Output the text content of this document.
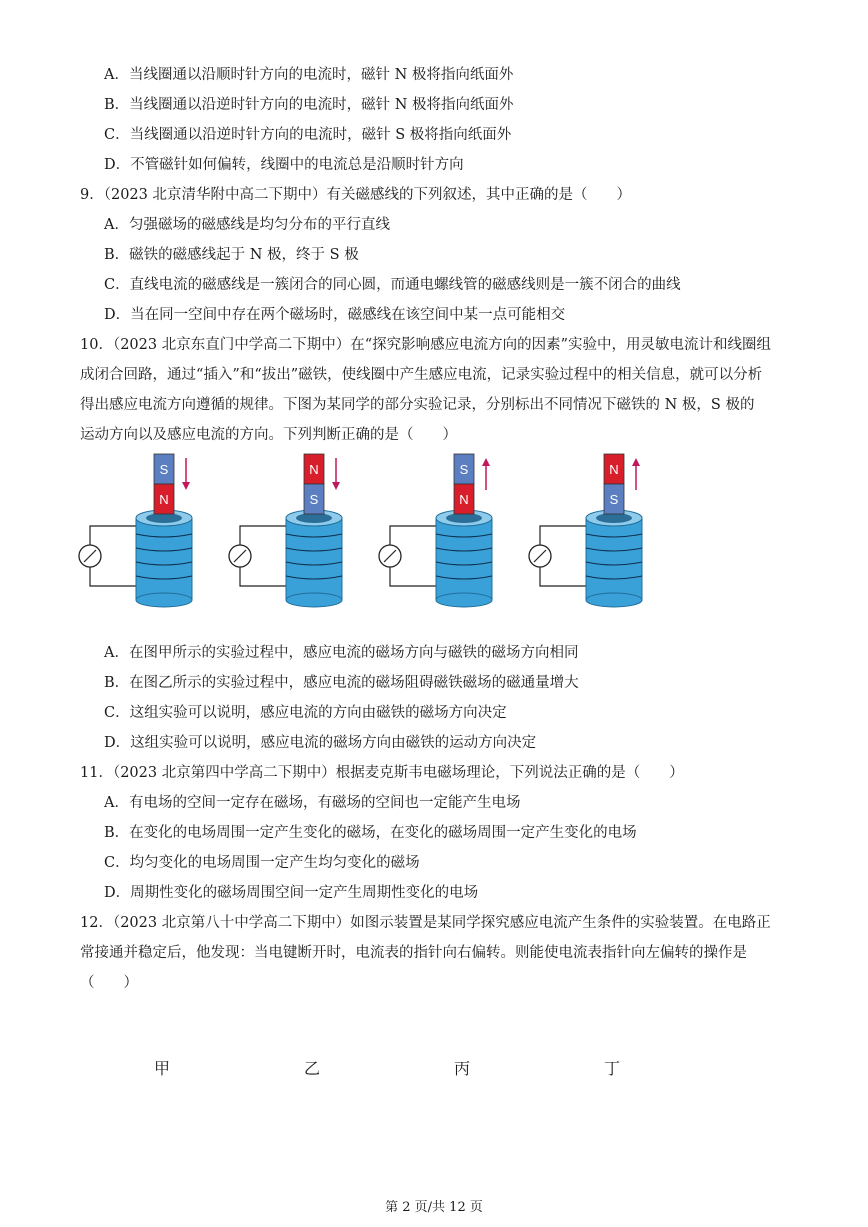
A．当线圈通以沿顺时针方向的电流时，磁针 N 极将指向纸面外
B．当线圈通以沿逆时针方向的电流时，磁针 N 极将指向纸面外
C．当线圈通以沿逆时针方向的电流时，磁针 S 极将指向纸面外
D．不管磁针如何偏转，线圈中的电流总是沿顺时针方向
9．（2023 北京清华附中高二下期中）有关磁感线的下列叙述，其中正确的是（　　）
A．匀强磁场的磁感线是均匀分布的平行直线
B．磁铁的磁感线起于 N 极，终于 S 极
C．直线电流的磁感线是一簇闭合的同心圆，而通电螺线管的磁感线则是一簇不闭合的曲线
D．当在同一空间中存在两个磁场时，磁感线在该空间中某一点可能相交
10．（2023 北京东直门中学高二下期中）在“探究影响感应电流方向的因素”实验中，用灵敏电流计和线圈组
成闭合回路，通过“插入”和“拔出”磁铁，使线圈中产生感应电流，记录实验过程中的相关信息，就可以分析
得出感应电流方向遵循的规律。下图为某同学的部分实验记录，分别标出不同情况下磁铁的 N 极，S 极的
运动方向以及感应电流的方向。下列判断正确的是（　　）
S
N
N
S
S
N
N
S
甲	乙	丙	丁
A．在图甲所示的实验过程中，感应电流的磁场方向与磁铁的磁场方向相同
B．在图乙所示的实验过程中，感应电流的磁场阻碍磁铁磁场的磁通量增大
C．这组实验可以说明，感应电流的方向由磁铁的磁场方向决定
D．这组实验可以说明，感应电流的磁场方向由磁铁的运动方向决定
11．（2023 北京第四中学高二下期中）根据麦克斯韦电磁场理论，下列说法正确的是（　　）
A．有电场的空间一定存在磁场，有磁场的空间也一定能产生电场
B．在变化的电场周围一定产生变化的磁场，在变化的磁场周围一定产生变化的电场
C．均匀变化的电场周围一定产生均匀变化的磁场
D．周期性变化的磁场周围空间一定产生周期性变化的电场
12．（2023 北京第八十中学高二下期中）如图示装置是某同学探究感应电流产生条件的实验装置。在电路正
常接通并稳定后，他发现：当电键断开时，电流表的指针向右偏转。则能使电流表指针向左偏转的操作是
（　　）
第 2 页/共 12 页
